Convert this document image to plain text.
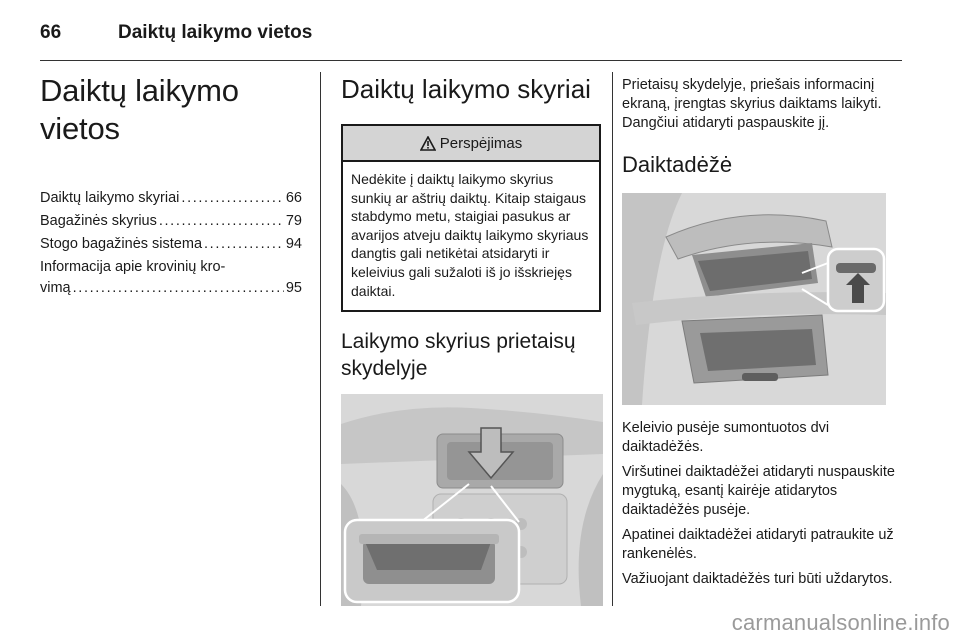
66	Daiktų laikymo vietos
Daiktų laikymo vietos
Daiktų laikymo skyriai . . .	66
Bagažinės skyrius . . .	79
Stogo bagažinės sistema . . .	94
Informacija apie krovinių kro-
vimą . . .	95
Daiktų laikymo skyriai
Perspėjimas
Nedėkite į daiktų laikymo skyrius sunkių ar aštrių daiktų. Kitaip staigaus stabdymo metu, staigiai pasukus ar avarijos atveju daiktų laikymo skyriaus dangtis gali netikėtai atsidaryti ir keleivius gali sužaloti iš jo išskriejęs daiktai.
Laikymo skyrius prietaisų skydelyje

Prietaisų skydelyje, priešais informacinį ekraną, įrengtas skyrius daiktams laikyti. Dangčiui atidaryti paspauskite jį.

Daiktadėžė

Keleivio pusėje sumontuotos dvi daiktadėžės.

Viršutinei daiktadėžei atidaryti nuspauskite mygtuką, esantį kairėje atidarytos daiktadėžės pusėje.

Apatinei daiktadėžei atidaryti patraukite už rankenėlės.

Važiuojant daiktadėžės turi būti uždarytos.

carmanualsonline.info
